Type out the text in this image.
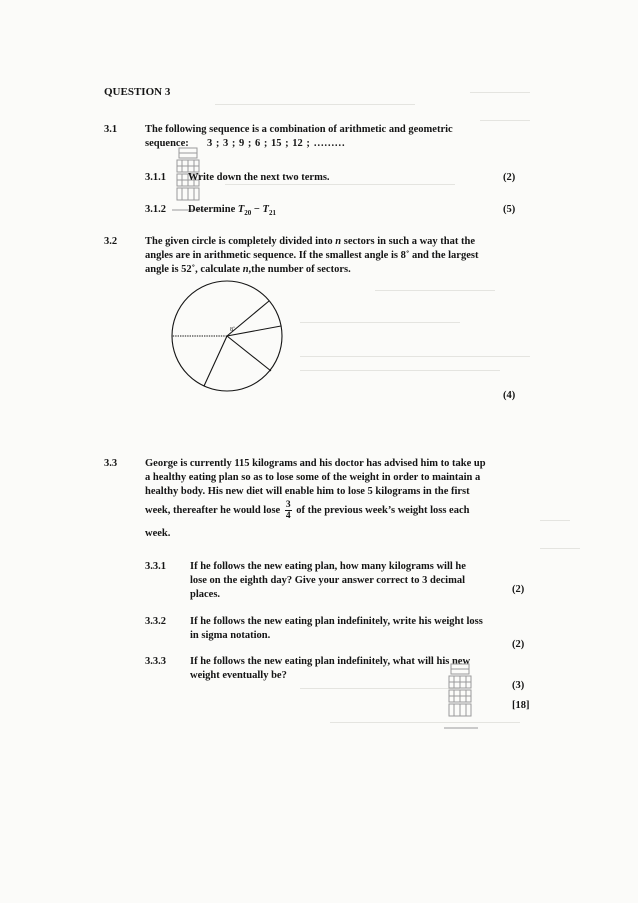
QUESTION 3
3.1	The following sequence is a combination of arithmetic and geometric
sequence: 3 ; 3 ; 9 ; 6 ; 15 ; 12 ; ………
3.1.1 Write down the next two terms.	(2)
3.1.2 Determine $T_{20} - T_{21}$	(5)
3.2	The given circle is completely divided into n sectors in such a way that the
angles are in arithmetic sequence. If the smallest angle is 8˚ and the largest
angle is 52˚, calculate n,the number of sectors.
8˚
(4)
3.3	George is currently 115 kilograms and his doctor has advised him to take up
a healthy eating plan so as to lose some of the weight in order to maintain a
healthy body. His new diet will enable him to lose 5 kilograms in the first
week, thereafter he would lose $\frac{3}{4}$ of the previous week’s weight loss each
week.
3.3.1 If he follows the new eating plan, how many kilograms will he
lose on the eighth day? Give your answer correct to 3 decimal
places.	(2)
3.3.2 If he follows the new eating plan indefinitely, write his weight loss
in sigma notation.
(2)
3.3.3 If he follows the new eating plan indefinitely, what will his new
weight eventually be?
(3)
[18]
